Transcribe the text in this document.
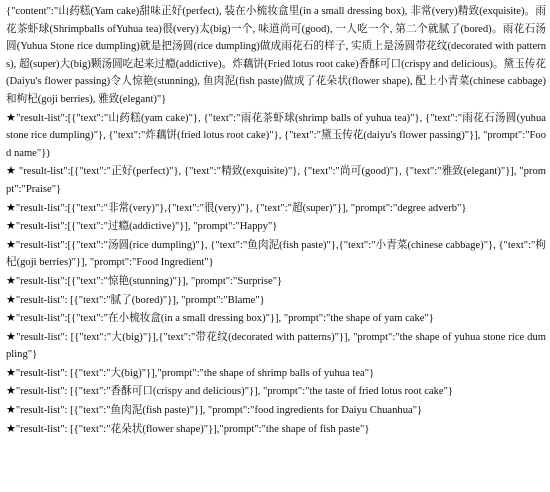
{"content":"山药糕(Yam cake)甜味正好(perfect), 装在小梳妆盒里(in a small dressing box), 非常(very)精致(exquisite)。雨花茶虾球(Shrimpballs ofYuhua tea)很(very)太(big)一个, 味道尚可(good), 一人吃一个, 第二个就腻了(bored)。雨花石汤圆(Yuhua Stone rice dumpling)就是把汤圆(rice dumpling)做成雨花石的样子, 实质上是汤圆带花纹(decorated with patterns), 超(super)大(big)颗汤圆吃起来过瘾(addictive)。炸藕饼(Fried lotus root cake)香酥可口(crispy and delicious)。黛玉传花(Daiyu's flower passing)令人惊艳(stunning), 鱼肉泥(fish paste)做成了花朵状(flower shape), 配上小青菜(chinese cabbage)和枸杞(goji berries), 雅致(elegant)"}

★"result-list":[{"text":"山药糕(yam cake)"}, {"text":"雨花茶虾球(shrimp balls of yuhua tea)"}, {"text":"雨花石汤圆(yuhua stone rice dumpling)"}, {"text":"炸藕饼(fried lotus root cake)"}, {"text":"黛玉传花(daiyu's flower passing)"}], "prompt":"Food name"})

★ "result-list":[{"text":"正好(perfect)"}, {"text":"精致(exquisite)"}, {"text":"尚可(good)"}, {"text":"雅致(elegant)"}], "prompt":"Praise"}

★"result-list":[{"text":"非常(very)"},{"text":"很(very)"}, {"text":"超(super)"}], "prompt":"degree adverb"}

★"result-list":[{"text":"过瘾(addictive)"}], "prompt":"Happy"}

★"result-list":[{"text":"汤圆(rice dumpling)"}, {"text":"鱼肉泥(fish paste)"},{"text":"小青菜(chinese cabbage)"}, {"text":"枸杞(goji berries)"}], "prompt":"Food Ingredient"}

★"result-list":[{"text":"惊艳(stunning)"}], "prompt":"Surprise"}

★"result-list": [{"text":"腻了(bored)"}], "prompt":"Blame"}

★"result-list":[{"text":"在小梳妆盒(in a small dressing box)"}], "prompt":"the shape of yam cake"}

★"result-list": [{"text":"大(big)"}],{"text":"带花纹(decorated with patterns)"}], "prompt":"the shape of yuhua stone rice dumpling"}

★"result-list": [{"text":"大(big)"}],"prompt":"the shape of shrimp balls of yuhua tea"}

★"result-list": [{"text":"香酥可口(crispy and delicious)"}], "prompt":"the taste of fried lotus root cake"}

★"result-list": [{"text":"鱼肉泥(fish paste)"}], "prompt":"food ingredients for Daiyu Chuanhua"}

★"result-list": [{"text":"花朵状(flower shape)"}],"prompt":"the shape of fish paste"}
